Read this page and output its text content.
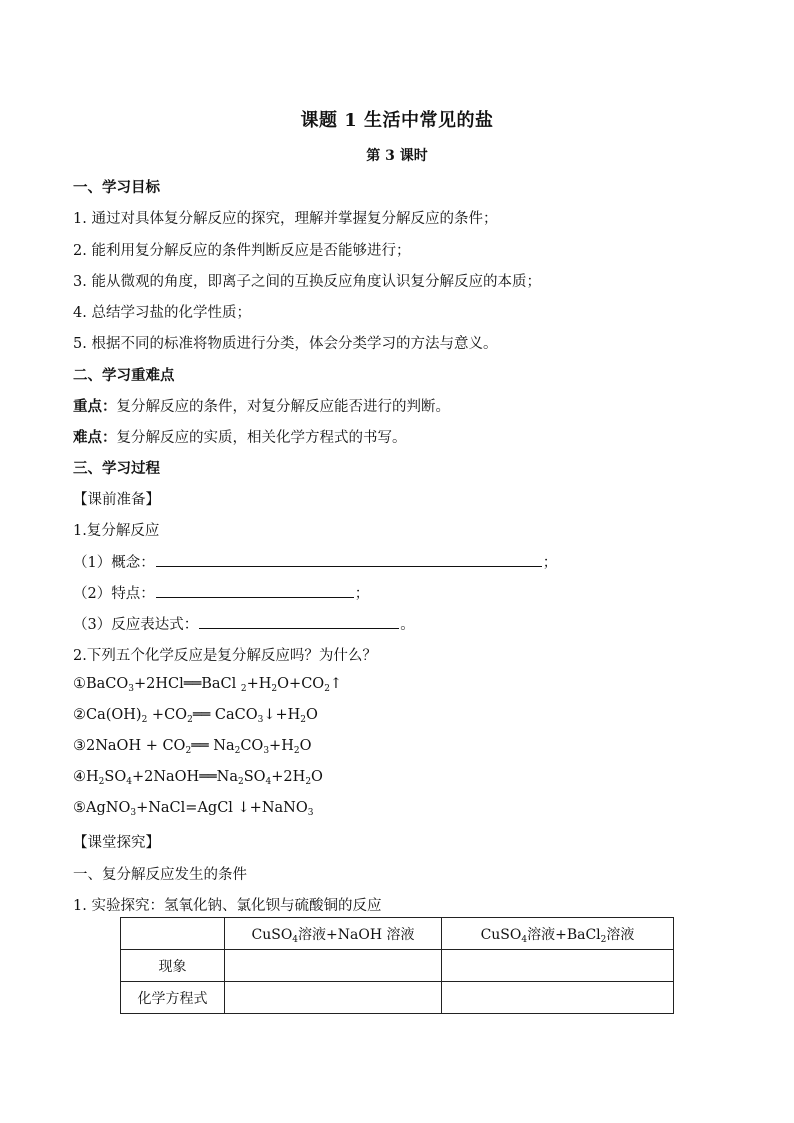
课题 1 生活中常见的盐
第 3 课时
一、学习目标
1. 通过对具体复分解反应的探究，理解并掌握复分解反应的条件；
2. 能利用复分解反应的条件判断反应是否能够进行；
3. 能从微观的角度，即离子之间的互换反应角度认识复分解反应的本质；
4. 总结学习盐的化学性质；
5. 根据不同的标准将物质进行分类，体会分类学习的方法与意义。
二、学习重难点
重点：复分解反应的条件，对复分解反应能否进行的判断。
难点：复分解反应的实质，相关化学方程式的书写。
三、学习过程
【课前准备】
1.复分解反应
（1）概念：	；
（2）特点：	；
（3）反应表达式：	。
2.下列五个化学反应是复分解反应吗？为什么？
①BaCO$_3$+2HCl══BaCl $_2+H_2O+CO_2↑$
$②Ca(OH)_2$ $+CO_2══$ $CaCO_3↓+H_2O$
③2NaOH + $CO_2══$ $Na_2CO_3+H_2O$
$④H_2SO_4+2NaOH══Na_2SO_4+2H_2O$
⑤AgNO$_3$+NaCl=AgCl ↓+NaNO$_3$
【课堂探究】
一、复分解反应发生的条件
1. 实验探究：氢氧化钠、氯化钡与硫酸铜的反应
	CuSO$_4$溶液+NaOH 溶液	CuSO$_4$溶液+BaCl$_2$溶液
现象		
化学方程式		
